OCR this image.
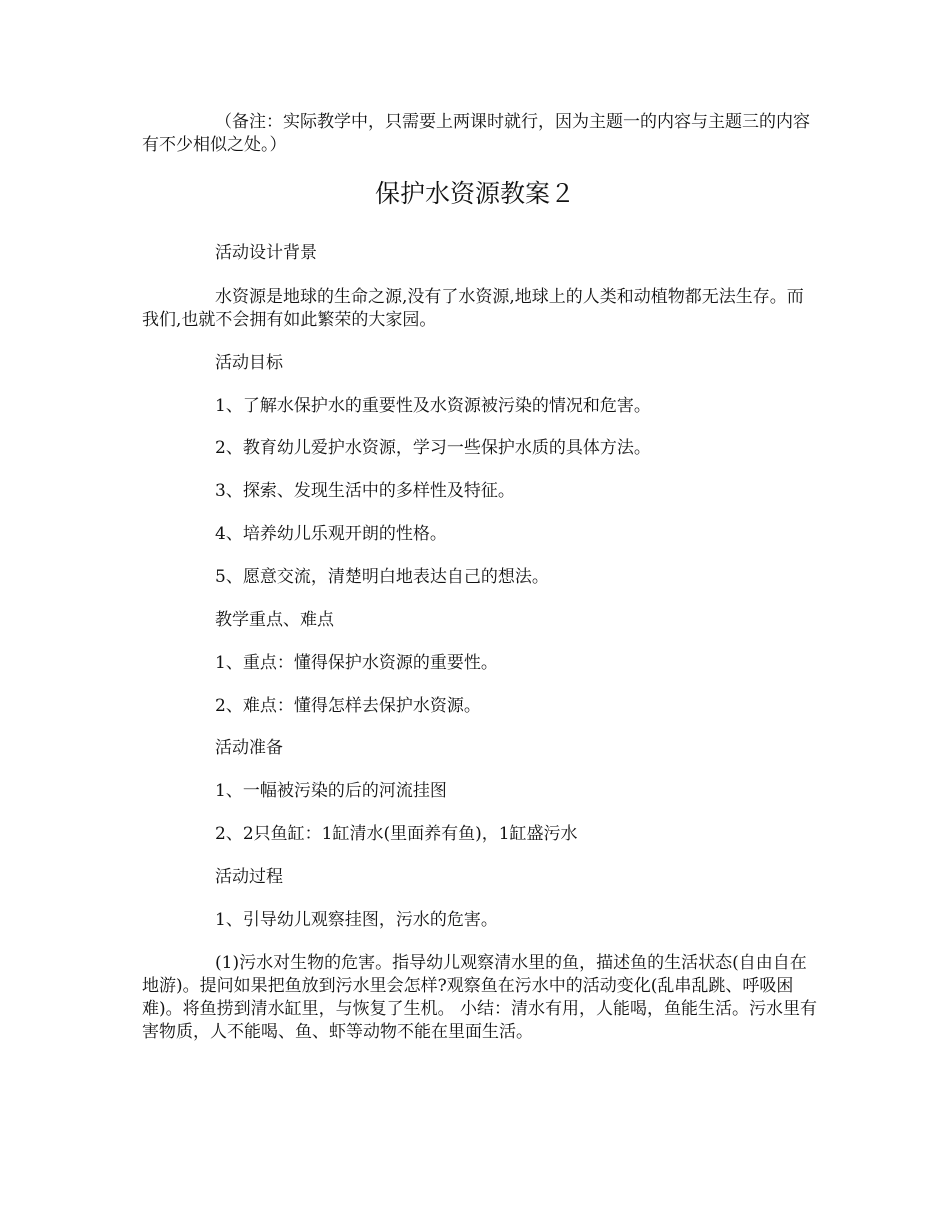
（备注：实际教学中，只需要上两课时就行，因为主题一的内容与主题三的内容有不少相似之处。）

保护水资源教案２

活动设计背景

水资源是地球的生命之源,没有了水资源,地球上的人类和动植物都无法生存。而我们,也就不会拥有如此繁荣的大家园。

活动目标

1、了解水保护水的重要性及水资源被污染的情况和危害。

2、教育幼儿爱护水资源，学习一些保护水质的具体方法。

3、探索、发现生活中的多样性及特征。

4、培养幼儿乐观开朗的性格。

5、愿意交流，清楚明白地表达自己的想法。

教学重点、难点

1、重点：懂得保护水资源的重要性。

2、难点：懂得怎样去保护水资源。

活动准备

1、一幅被污染的后的河流挂图

2、2只鱼缸：1缸清水(里面养有鱼)，1缸盛污水

活动过程

1、引导幼儿观察挂图，污水的危害。

(1)污水对生物的危害。指导幼儿观察清水里的鱼，描述鱼的生活状态(自由自在地游)。提问如果把鱼放到污水里会怎样?观察鱼在污水中的活动变化(乱串乱跳、呼吸困难)。将鱼捞到清水缸里，与恢复了生机。 小结：清水有用，人能喝，鱼能生活。污水里有害物质，人不能喝、鱼、虾等动物不能在里面生活。
